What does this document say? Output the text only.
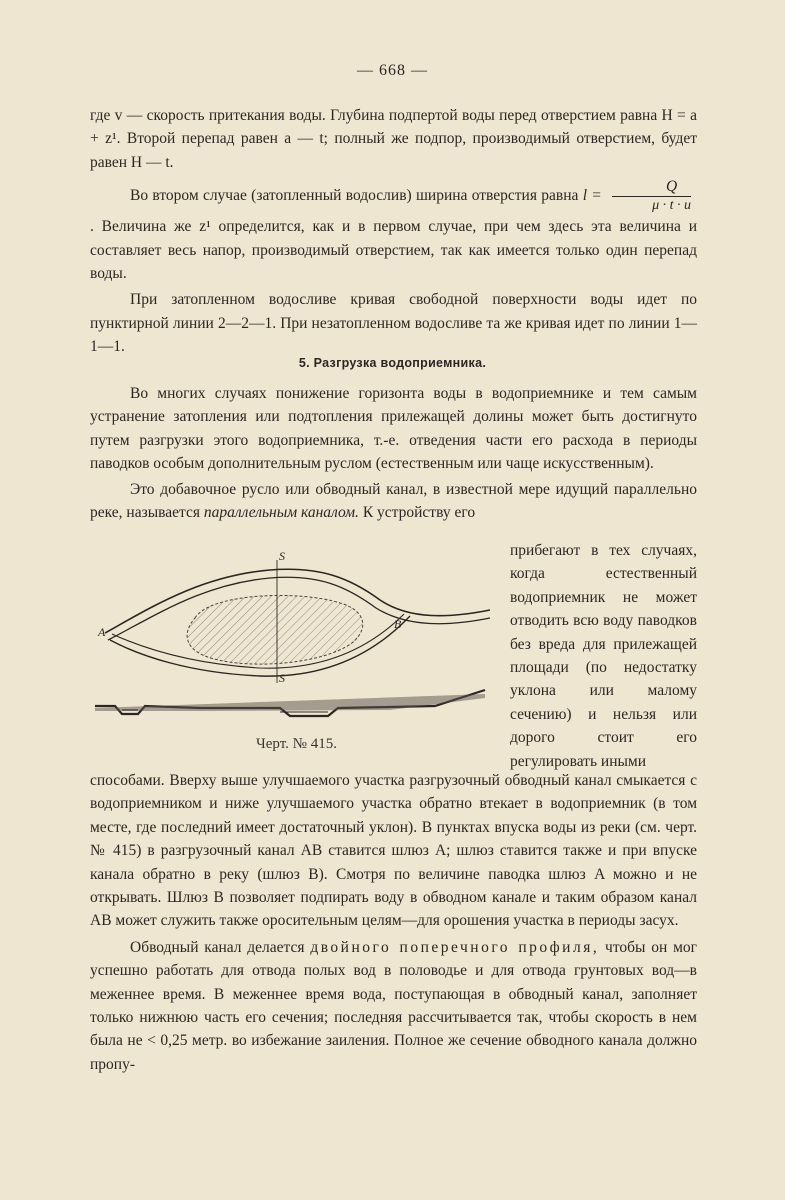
— 668 —

где v — скорость притекания воды. Глубина подпертой воды перед отверстием равна H = a + z¹. Второй перепад равен a — t; полный же подпор, производимый отверстием, будет равен H — t.

Во втором случае (затопленный водослив) ширина отверстия равна $l = \frac{Q}{\mu \cdot t \cdot u}$
. Величина же z¹ определится, как и в первом случае, при чем здесь эта величина и составляет весь напор, производимый отверстием, так как имеется только один перепад воды.

При затопленном водосливе кривая свободной поверхности воды идет по пунктирной линии 2—2—1. При незатопленном водосливе та же кривая идет по линии 1—1—1.

5. Разгрузка водоприемника.

Во многих случаях понижение горизонта воды в водоприемнике и тем самым устранение затопления или подтопления прилежащей долины может быть достигнуто путем разгрузки этого водоприемника, т.-е. отведения части его расхода в периоды паводков особым дополнительным руслом (естественным или чаще искусственным).

Это добавочное русло или обводный канал, в известной мере идущий параллельно реке, называется параллельным каналом. К устройству его

S
S
A
B
Черт. № 415.
прибегают в тех случаях, когда естественный водоприемник не может отводить всю воду паводков без вреда для прилежащей площади (по недостатку уклона или малому сечению) и нельзя или дорого стоит его регулировать иными

способами. Вверху выше улучшаемого участка разгрузочный обводный канал смыкается с водоприемником и ниже улучшаемого участка обратно втекает в водоприемник (в том месте, где последний имеет достаточный уклон). В пунктах впуска воды из реки (см. черт. № 415) в разгрузочный канал AB ставится шлюз A; шлюз ставится также и при впуске канала обратно в реку (шлюз B). Смотря по величине паводка шлюз A можно и не открывать. Шлюз B позволяет подпирать воду в обводном канале и таким образом канал AB может служить также оросительным целям—для орошения участка в периоды засух.

Обводный канал делается двойного поперечного профиля, чтобы он мог успешно работать для отвода полых вод в половодье и для отвода грунтовых вод—в меженнее время. В меженнее время вода, поступающая в обводный канал, заполняет только нижнюю часть его сечения; последняя рассчитывается так, чтобы скорость в нем была не < 0,25 метр. во избежание заиления. Полное же сечение обводного канала должно пропу-
